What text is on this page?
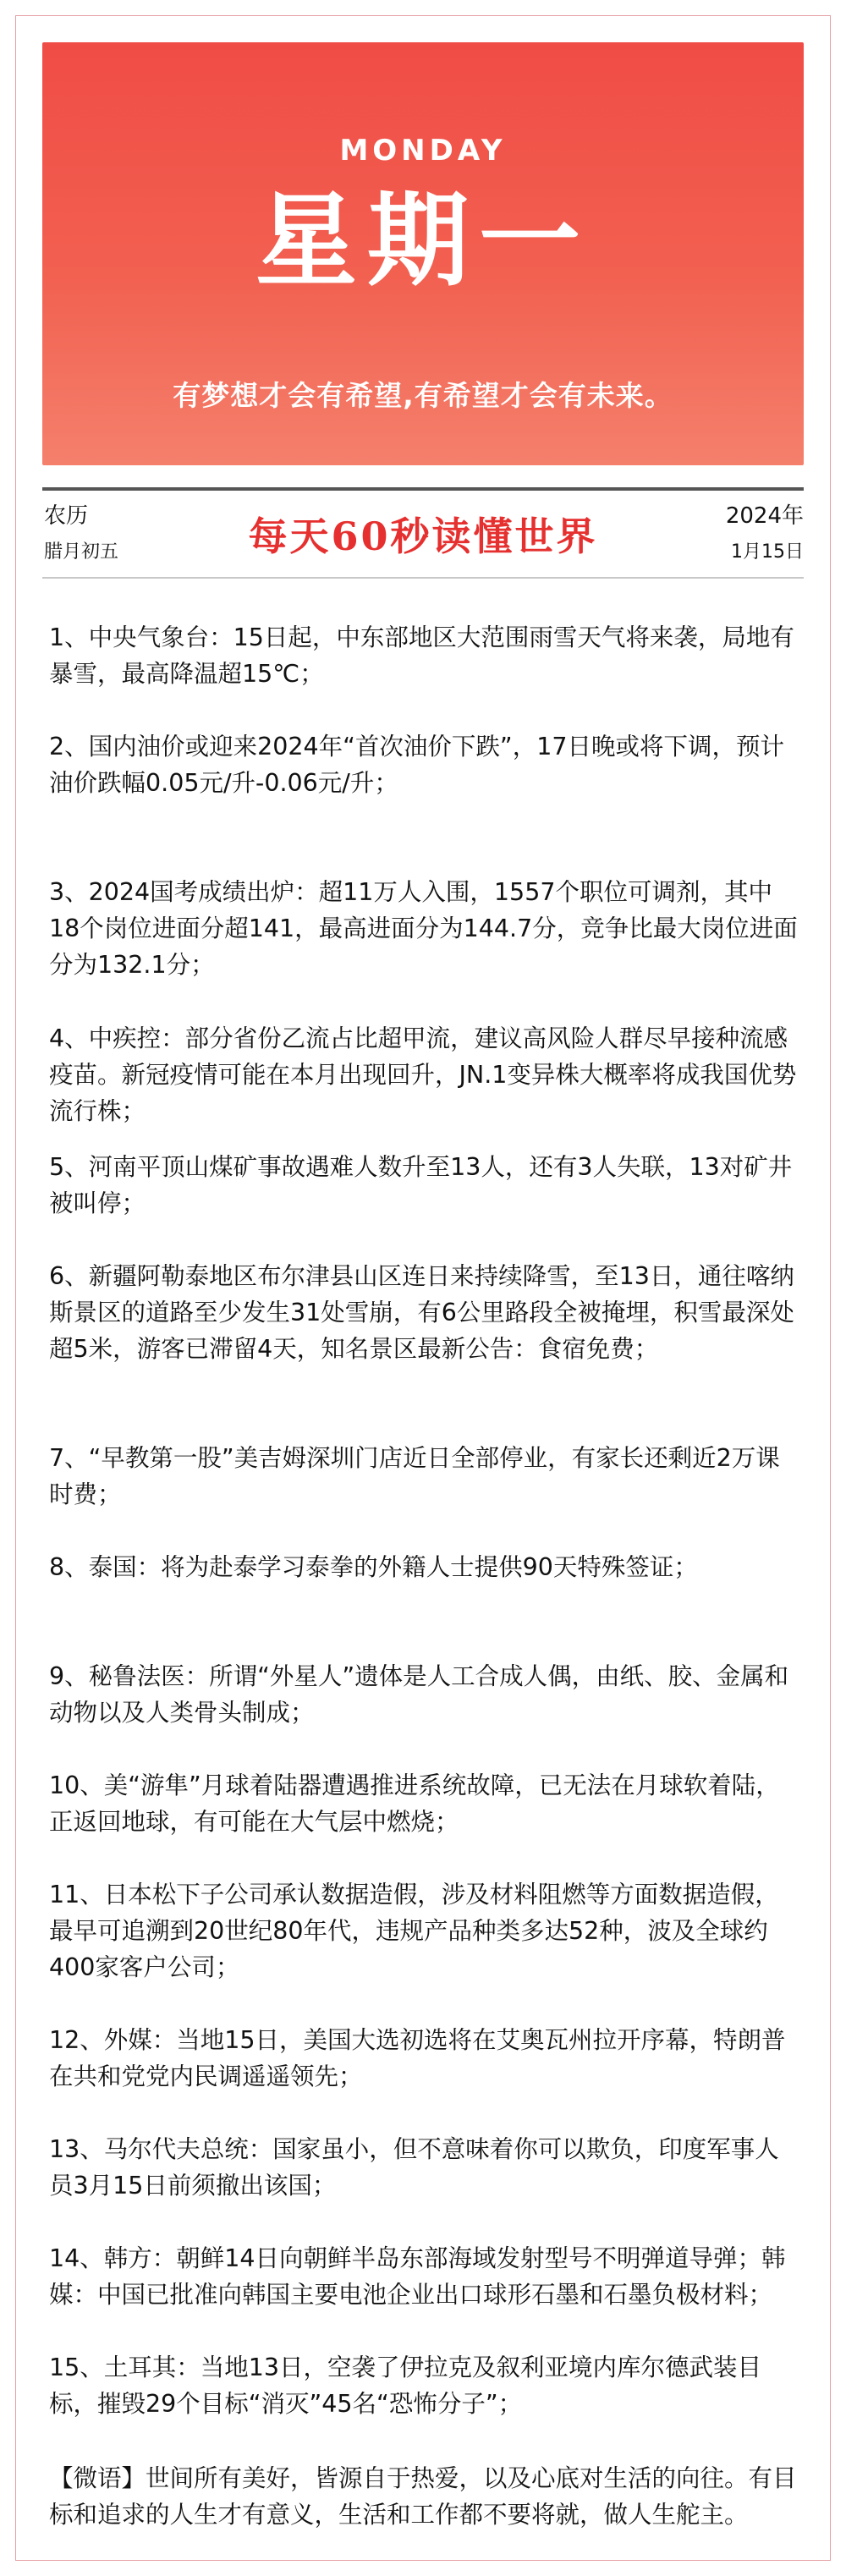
MONDAY
星期一
有梦想才会有希望,有希望才会有未来。
农历
腊月初五	每天60秒读懂世界	2024年
1月15日
1、中央气象台：15日起，中东部地区大范围雨雪天气将来袭，局地有暴雪，最高降温超15℃；
2、国内油价或迎来2024年“首次油价下跌”，17日晚或将下调，预计油价跌幅0.05元/升-0.06元/升；
3、2024国考成绩出炉：超11万人入围，1557个职位可调剂，其中18个岗位进面分超141，最高进面分为144.7分，竞争比最大岗位进面分为132.1分；
4、中疾控：部分省份乙流占比超甲流，建议高风险人群尽早接种流感疫苗。新冠疫情可能在本月出现回升，JN.1变异株大概率将成我国优势流行株；
5、河南平顶山煤矿事故遇难人数升至13人，还有3人失联，13对矿井被叫停；
6、新疆阿勒泰地区布尔津县山区连日来持续降雪，至13日，通往喀纳斯景区的道路至少发生31处雪崩，有6公里路段全被掩埋，积雪最深处超5米，游客已滞留4天，知名景区最新公告：食宿免费；
7、“早教第一股”美吉姆深圳门店近日全部停业，有家长还剩近2万课时费；
8、泰国：将为赴泰学习泰拳的外籍人士提供90天特殊签证；
9、秘鲁法医：所谓“外星人”遗体是人工合成人偶，由纸、胶、金属和动物以及人类骨头制成；
10、美“游隼”月球着陆器遭遇推进系统故障，已无法在月球软着陆，正返回地球，有可能在大气层中燃烧；
11、日本松下子公司承认数据造假，涉及材料阻燃等方面数据造假，最早可追溯到20世纪80年代，违规产品种类多达52种，波及全球约400家客户公司；
12、外媒：当地15日，美国大选初选将在艾奥瓦州拉开序幕，特朗普在共和党党内民调遥遥领先；
13、马尔代夫总统：国家虽小，但不意味着你可以欺负，印度军事人员3月15日前须撤出该国；
14、韩方：朝鲜14日向朝鲜半岛东部海域发射型号不明弹道导弹；韩媒：中国已批准向韩国主要电池企业出口球形石墨和石墨负极材料；
15、土耳其：当地13日，空袭了伊拉克及叙利亚境内库尔德武装目标，摧毁29个目标“消灭”45名“恐怖分子”；
【微语】世间所有美好，皆源自于热爱，以及心底对生活的向往。有目标和追求的人生才有意义，生活和工作都不要将就，做人生舵主。
